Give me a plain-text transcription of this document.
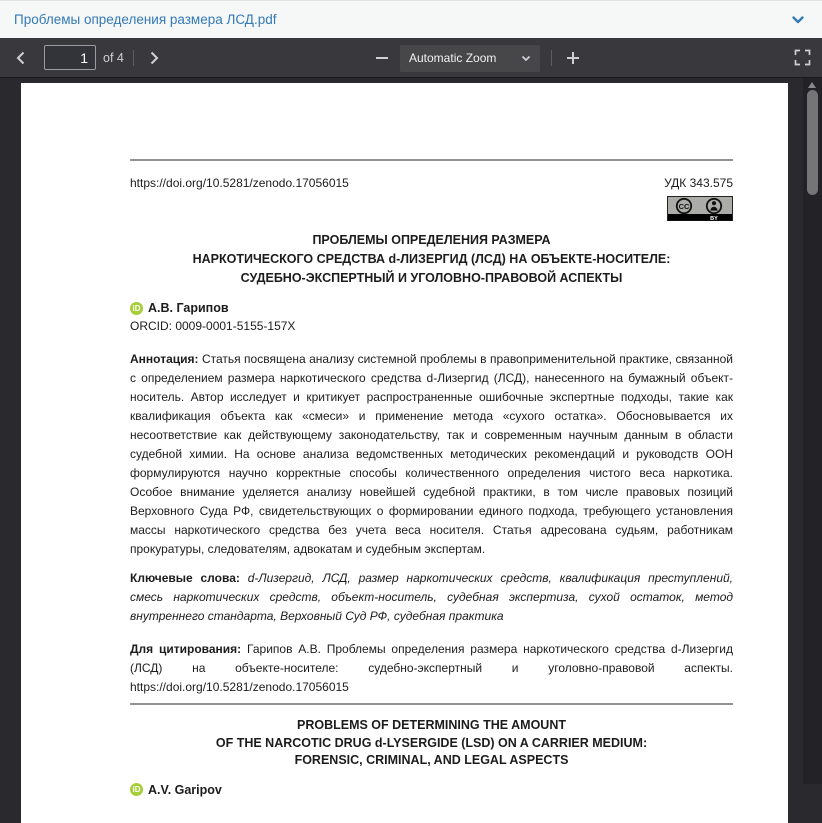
Проблемы определения размера ЛСД.pdf
1
of 4	Automatic Zoom
https://doi.org/10.5281/zenodo.17056015	УДК 343.575
CC
BY
ПРОБЛЕМЫ ОПРЕДЕЛЕНИЯ РАЗМЕРА
НАРКОТИЧЕСКОГО СРЕДСТВА d-ЛИЗЕРГИД (ЛСД) НА ОБЪЕКТЕ-НОСИТЕЛЕ:
СУДЕБНО-ЭКСПЕРТНЫЙ И УГОЛОВНО-ПРАВОВОЙ АСПЕКТЫ
iD А.В. Гарипов
ORCID: 0009-0001-5155-157X

Аннотация: Статья посвящена анализу системной проблемы в правоприменительной практике, связанной с определением размера наркотического средства d-Лизергид (ЛСД), нанесенного на бумажный объект-носитель. Автор исследует и критикует распространенные ошибочные экспертные подходы, такие как квалификация объекта как «смеси» и применение метода «сухого остатка». Обосновывается их несоответствие как действующему законодательству, так и современным научным данным в области судебной химии. На основе анализа ведомственных методических рекомендаций и руководств ООН формулируются научно корректные способы количественного определения чистого веса наркотика. Особое внимание уделяется анализу новейшей судебной практики, в том числе правовых позиций Верховного Суда РФ, свидетельствующих о формировании единого подхода, требующего установления массы наркотического средства без учета веса носителя. Статья адресована судьям, работникам прокуратуры, следователям, адвокатам и судебным экспертам.

Ключевые слова: d-Лизергид, ЛСД, размер наркотических средств, квалификация преступлений, смесь наркотических средств, объект-носитель, судебная экспертиза, сухой остаток, метод внутреннего стандарта, Верховный Суд РФ, судебная практика

Для цитирования: Гарипов А.В. Проблемы определения размера наркотического средства d-Лизергид (ЛСД) на объекте-носителе: судебно-экспертный и уголовно-правовой аспекты. https://doi.org/10.5281/zenodo.17056015

PROBLEMS OF DETERMINING THE AMOUNT
OF THE NARCOTIC DRUG d-LYSERGIDE (LSD) ON A CARRIER MEDIUM:
FORENSIC, CRIMINAL, AND LEGAL ASPECTS
iD A.V. Garipov
